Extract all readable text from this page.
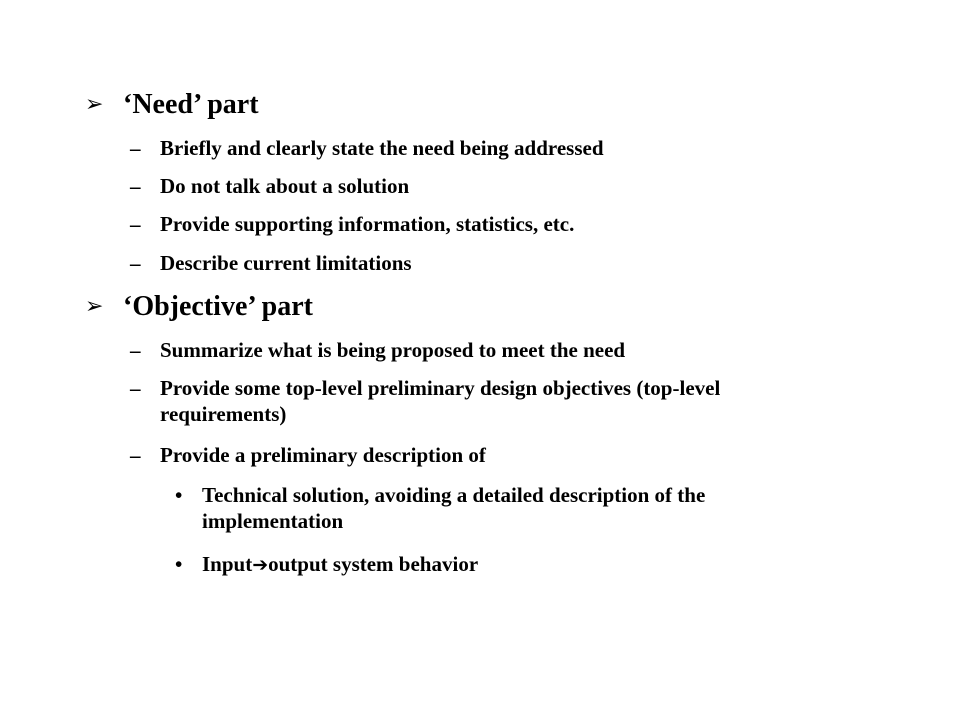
➢ ‘Need’ part
– Briefly and clearly state the need being addressed
– Do not talk about a solution
– Provide supporting information, statistics, etc.
– Describe current limitations
➢ ‘Objective’ part
– Summarize what is being proposed to meet the need
– Provide some top-level preliminary design objectives (top-level
requirements)
– Provide a preliminary description of
• Technical solution, avoiding a detailed description of the
implementation
• Input➔output system behavior
